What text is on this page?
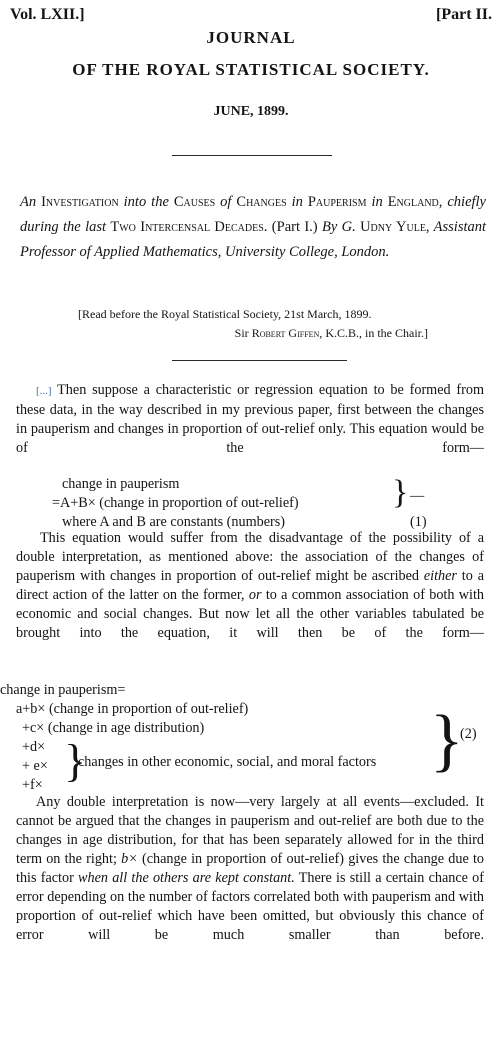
Vol. LXII.]	[Part II.
JOURNAL
OF THE ROYAL STATISTICAL SOCIETY.
JUNE, 1899.
An Investigation into the Causes of Changes in Pauperism in England, chiefly during the last Two Intercensal Decades. (Part I.) By G. Udny Yule, Assistant Professor of Applied Mathematics, University College, London.
[Read before the Royal Statistical Society, 21st March, 1899.
Sir Robert Giffen, K.C.B., in the Chair.]
[...] Then suppose a characteristic or regression equation to be formed from these data, in the way described in my previous paper, first between the changes in pauperism and changes in proportion of out-relief only. This equation would be of the form—
change in pauperism
=A+B× (change in proportion of out-relief)
where A and B are constants (numbers)
} —
(1)
This equation would suffer from the disadvantage of the possibility of a double interpretation, as mentioned above: the association of the changes of pauperism with changes in proportion of out-relief might be ascribed either to a direct action of the latter on the former, or to a common association of both with economic and social changes. But now let all the other variables tabulated be brought into the equation, it will then be of the form—
change in pauperism=
a+b× (change in proportion of out-relief)
+c× (change in age distribution)
+d×
+ e×
+f× }
changes in other economic, social, and moral factors }
(2)
Any double interpretation is now—very largely at all events—excluded. It cannot be argued that the changes in pauperism and out-relief are both due to the changes in age distribution, for that has been separately allowed for in the third term on the right; b× (change in proportion of out-relief) gives the change due to this factor when all the others are kept constant. There is still a certain chance of error depending on the number of factors correlated both with pauperism and with proportion of out-relief which have been omitted, but obviously this chance of error will be much smaller than before.
